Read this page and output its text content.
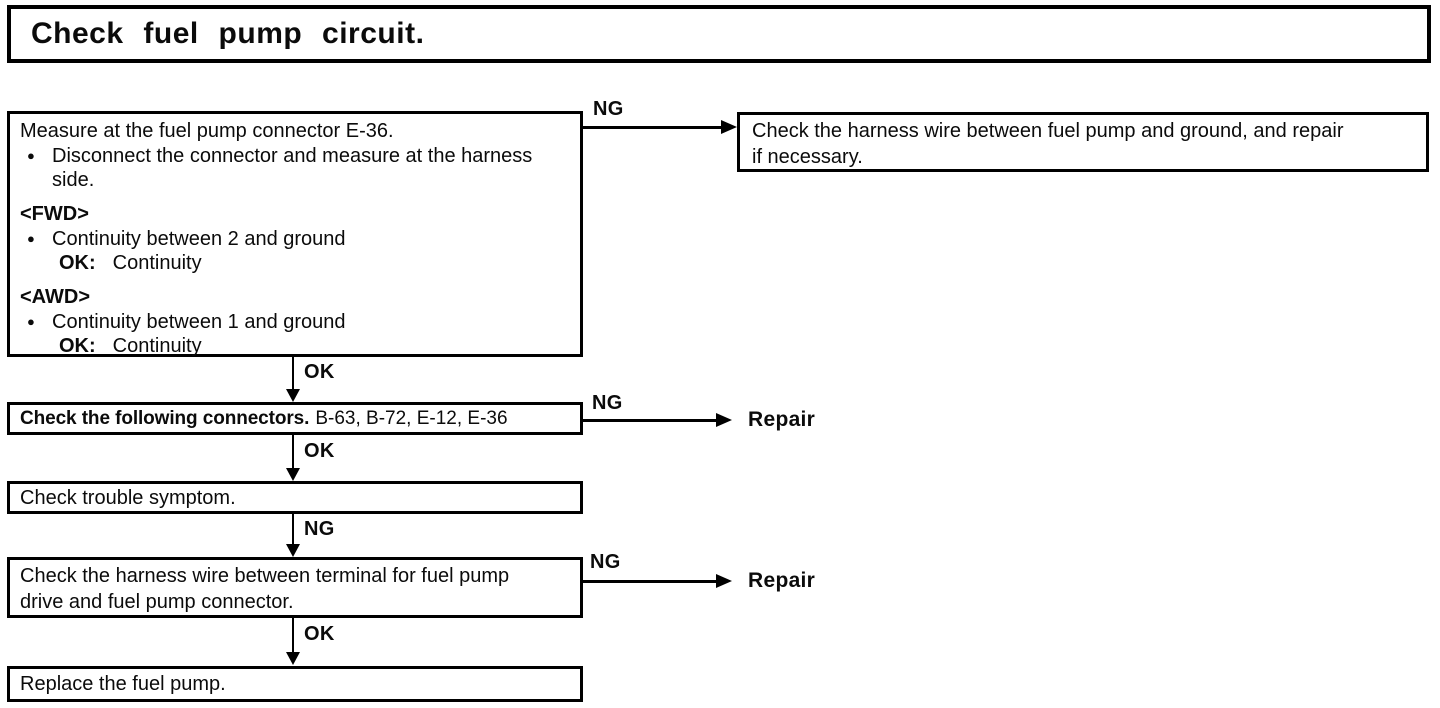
Check fuel pump circuit.
Measure at the fuel pump connector E-36.
● Disconnect the connector and measure at the harness
side.
<FWD>
● Continuity between 2 and ground
OK: Continuity
<AWD>
● Continuity between 1 and ground
OK: Continuity
NG
Check the harness wire between fuel pump and ground, and repair
if necessary.
OK
Check the following connectors. B-63, B-72, E-12, E-36
NG
Repair
OK
Check trouble symptom.
NG
Check the harness wire between terminal for fuel pump
drive and fuel pump connector.
NG
Repair
OK
Replace the fuel pump.
